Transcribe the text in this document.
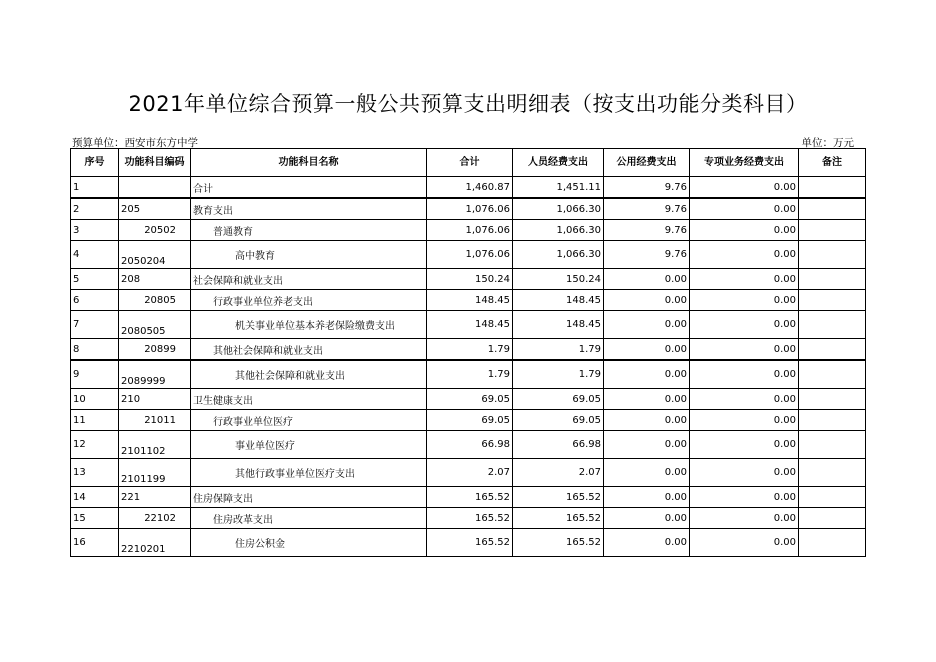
2021年单位综合预算一般公共预算支出明细表（按支出功能分类科目）
预算单位：西安市东方中学	单位：万元
序号	功能科目编码	功能科目名称	合计	人员经费支出	公用经费支出	专项业务经费支出	备注
1		合计	1,460.87	1,451.11	9.76	0.00	
2	205	教育支出	1,076.06	1,066.30	9.76	0.00	
3	20502	普通教育	1,076.06	1,066.30	9.76	0.00	
4	2050204	高中教育	1,076.06	1,066.30	9.76	0.00	
5	208	社会保障和就业支出	150.24	150.24	0.00	0.00	
6	20805	行政事业单位养老支出	148.45	148.45	0.00	0.00	
7	2080505	机关事业单位基本养老保险缴费支出	148.45	148.45	0.00	0.00	
8	20899	其他社会保障和就业支出	1.79	1.79	0.00	0.00	
9	2089999	其他社会保障和就业支出	1.79	1.79	0.00	0.00	
10	210	卫生健康支出	69.05	69.05	0.00	0.00	
11	21011	行政事业单位医疗	69.05	69.05	0.00	0.00	
12	2101102	事业单位医疗	66.98	66.98	0.00	0.00	
13	2101199	其他行政事业单位医疗支出	2.07	2.07	0.00	0.00	
14	221	住房保障支出	165.52	165.52	0.00	0.00	
15	22102	住房改革支出	165.52	165.52	0.00	0.00	
16	2210201	住房公积金	165.52	165.52	0.00	0.00	
